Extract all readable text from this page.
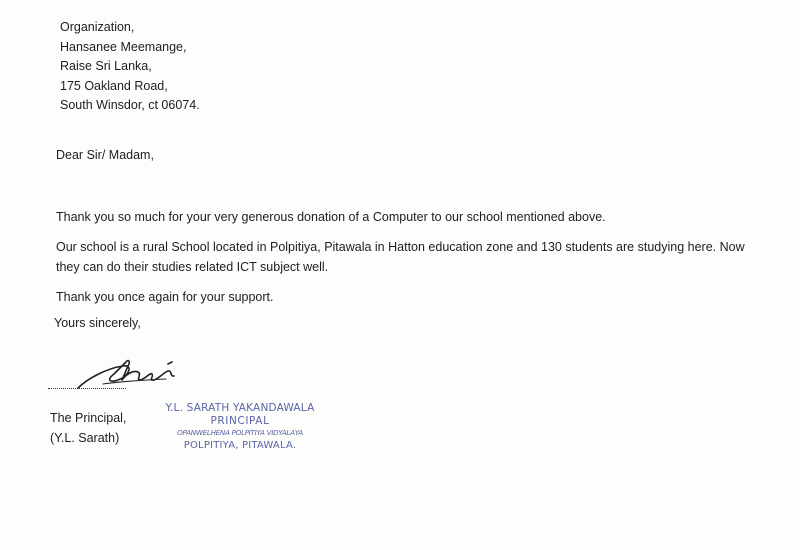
Organization,
Hansanee Meemange,
Raise Sri Lanka,
175 Oakland Road,
South Winsdor, ct 06074.
Dear Sir/ Madam,
Thank you so much for your very generous donation of a Computer to our school mentioned above.
Our school is a rural School located in Polpitiya, Pitawala in Hatton education zone and 130 students are studying here. Now they can do their studies related ICT subject well.
Thank you once again for your support.
Yours sincerely,
The Principal,
(Y.L. Sarath)
Y.L. SARATH YAKANDAWALA
PRINCIPAL
OPANWELHENA POLPITIYA VIDYALAYA
POLPITIYA, PITAWALA.
